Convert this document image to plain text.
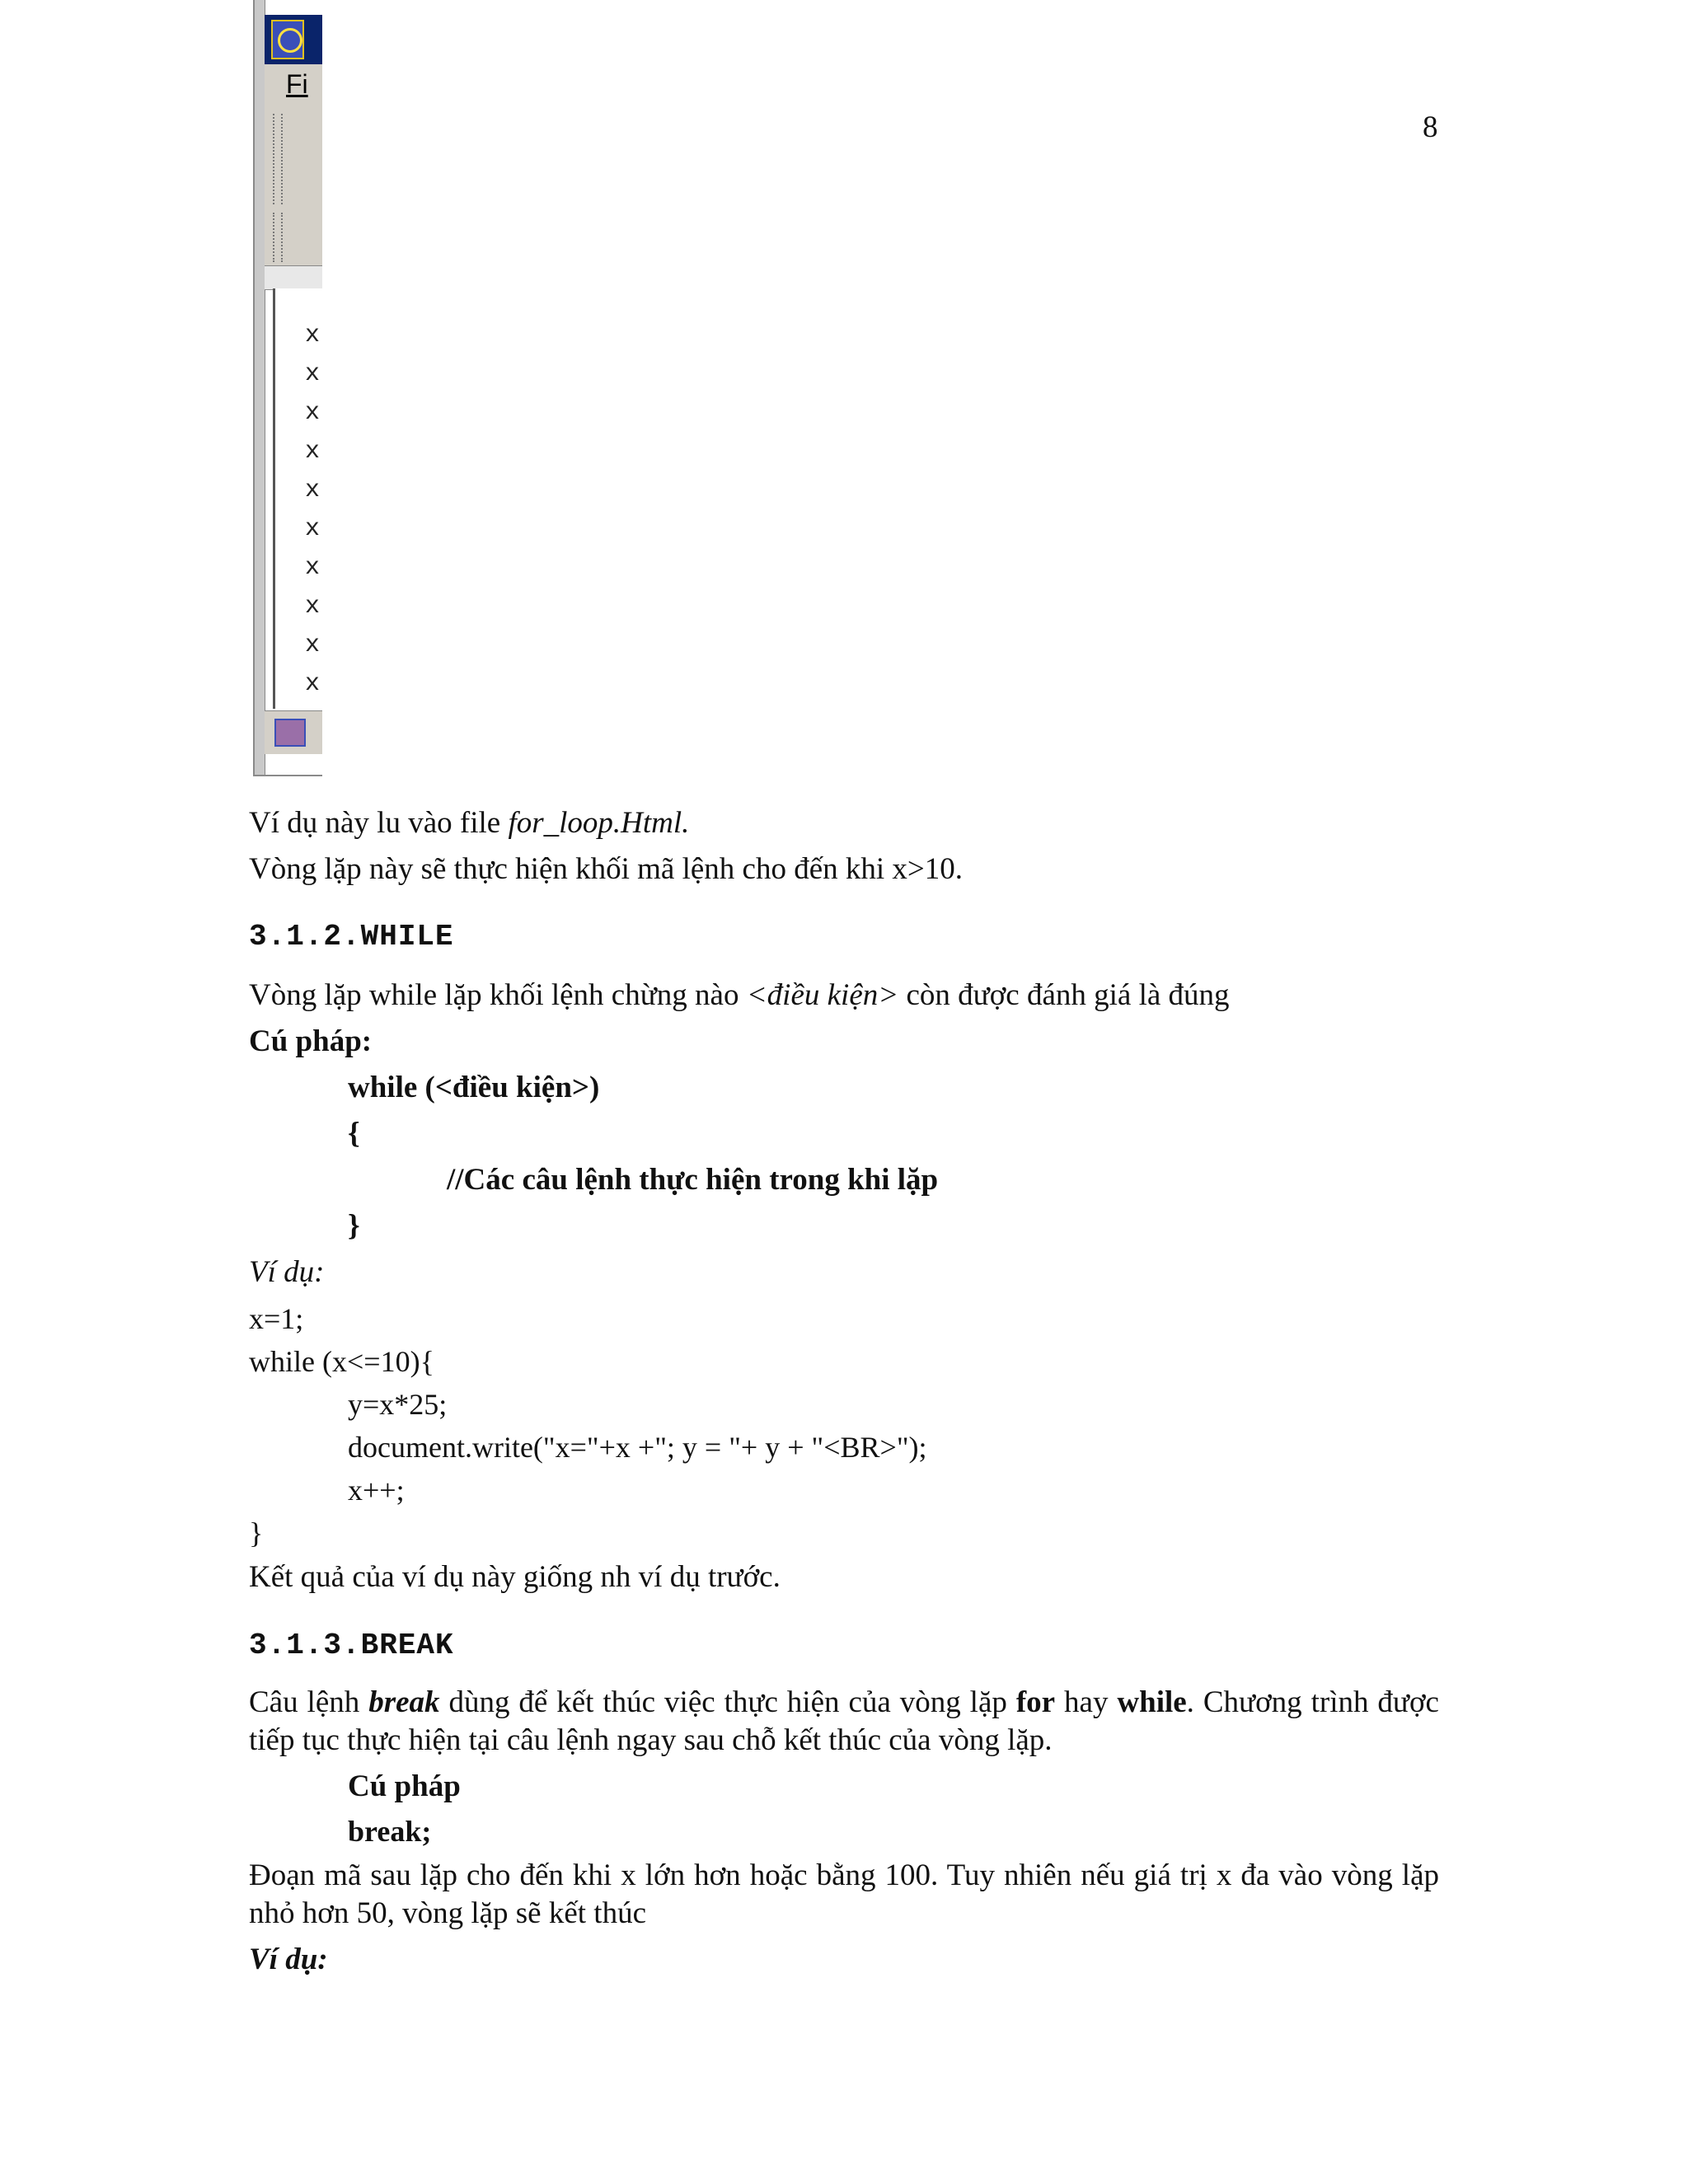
Fi
x
x
x
x
x
x
x
x
x
x
8
Ví dụ này lu vào file for_loop.Html.
Vòng lặp này sẽ thực hiện khối mã lệnh cho đến khi x>10.
3.1.2.WHILE
Vòng lặp while lặp khối lệnh chừng nào <điều kiện> còn được đánh giá là đúng
Cú pháp:
while (<điều kiện>)
{
//Các câu lệnh thực hiện trong khi lặp
}
Ví dụ:
x=1;
while (x<=10){
y=x*25;
document.write("x="+x +"; y = "+ y + "<BR>");
x++;
}
Kết quả của ví dụ này giống nh ví dụ trước.
3.1.3.BREAK
Câu lệnh break dùng để kết thúc việc thực hiện của vòng lặp for hay while. Chương trình được tiếp tục thực hiện tại câu lệnh ngay sau chỗ kết thúc của vòng lặp.
Cú pháp
break;
Đoạn mã sau lặp cho đến khi x lớn hơn hoặc bằng 100. Tuy nhiên nếu giá trị x đa vào vòng lặp nhỏ hơn 50, vòng lặp sẽ kết thúc
Ví dụ:
